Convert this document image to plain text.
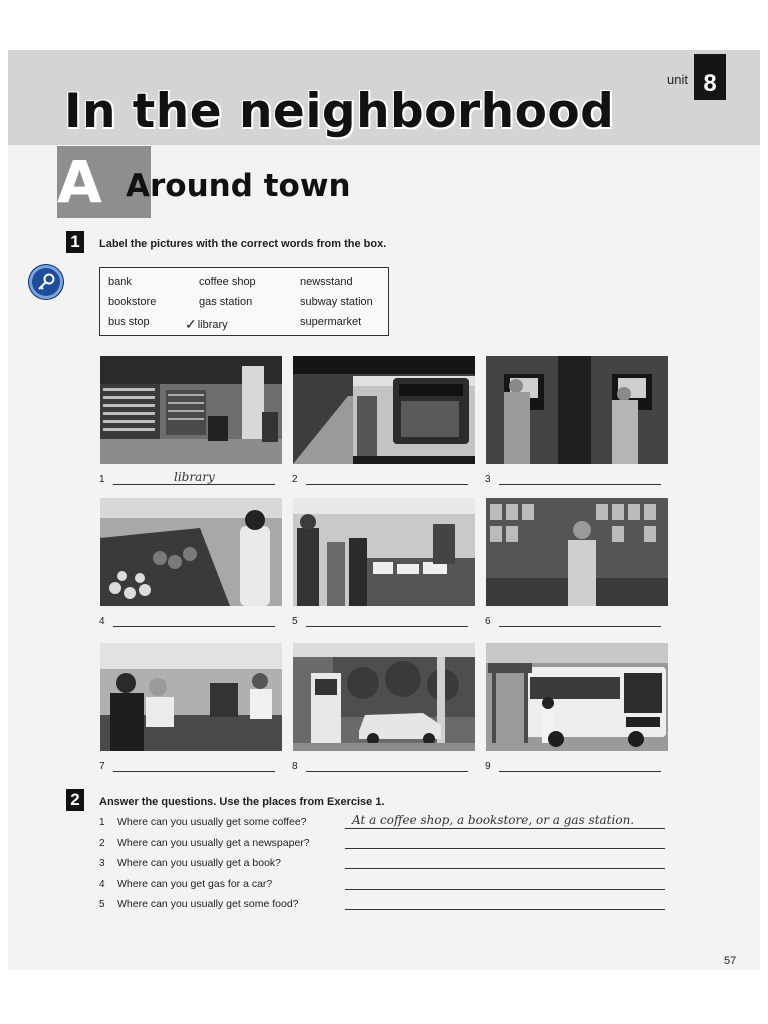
unit 8
In the neighborhood
A Around town
1	Label the pictures with the correct words from the box.
bank	coffee shop	newsstand
bookstore	gas station	subway station
bus stop	✓library	supermarket
1	library	2	3
4	5	6
7	8	9
2	Answer the questions. Use the places from Exercise 1.
1 Where can you usually get some coffee?	At a coffee shop, a bookstore, or a gas station.
2 Where can you usually get a newspaper?
3 Where can you usually get a book?
4 Where can you get gas for a car?
5 Where can you usually get some food?
57
